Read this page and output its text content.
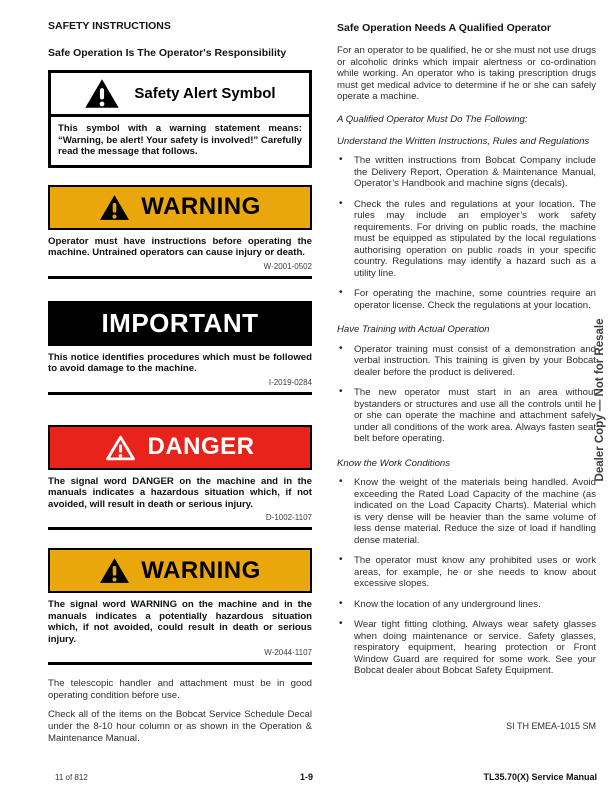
SAFETY INSTRUCTIONS
Safe Operation Is The Operator's Responsibility
Safety Alert Symbol
This symbol with a warning statement means: “Warning, be alert! Your safety is involved!” Carefully read the message that follows.
WARNING
Operator must have instructions before operating the machine. Untrained operators can cause injury or death.
W-2001-0502
IMPORTANT
This notice identifies procedures which must be followed to avoid damage to the machine.
I-2019-0284
DANGER
The signal word DANGER on the machine and in the manuals indicates a hazardous situation which, if not avoided, will result in death or serious injury.
D-1002-1107
WARNING
The signal word WARNING on the machine and in the manuals indicates a potentially hazardous situation which, if not avoided, could result in death or serious injury.
W-2044-1107

The telescopic handler and attachment must be in good operating condition before use.

Check all of the items on the Bobcat Service Schedule Decal under the 8-10 hour column or as shown in the Operation & Maintenance Manual.

Safe Operation Needs A Qualified Operator

For an operator to be qualified, he or she must not use drugs or alcoholic drinks which impair alertness or co-ordination while working. An operator who is taking prescription drugs must get medical advice to determine if he or she can safely operate a machine.

A Qualified Operator Must Do The Following:

Understand the Written Instructions, Rules and Regulations

• The written instructions from Bobcat Company include the Delivery Report, Operation & Maintenance Manual, Operator’s Handbook and machine signs (decals).
• Check the rules and regulations at your location. The rules may include an employer’s work safety requirements. For driving on public roads, the machine must be equipped as stipulated by the local regulations authorising operation on public roads in your specific country. Regulations may identify a hazard such as a utility line.
• For operating the machine, some countries require an operator license. Check the regulations at your location.

Have Training with Actual Operation

• Operator training must consist of a demonstration and verbal instruction. This training is given by your Bobcat dealer before the product is delivered.
• The new operator must start in an area without bystanders or structures and use all the controls until he or she can operate the machine and attachment safely under all conditions of the work area. Always fasten seat belt before operating.

Know the Work Conditions

• Know the weight of the materials being handled. Avoid exceeding the Rated Load Capacity of the machine (as indicated on the Load Capacity Charts). Material which is very dense will be heavier than the same volume of less dense material. Reduce the size of load if handling dense material.
• The operator must know any prohibited uses or work areas, for example, he or she needs to know about excessive slopes.
• Know the location of any underground lines.
• Wear tight fitting clothing. Always wear safety glasses when doing maintenance or service. Safety glasses, respiratory equipment, hearing protection or Front Window Guard are required for some work. See your Bobcat dealer about Bobcat Safety Equipment.
SI TH EMEA-1015 SM
Dealer Copy — Not for Resale
11 of 812	1-9	TL35.70(X) Service Manual
